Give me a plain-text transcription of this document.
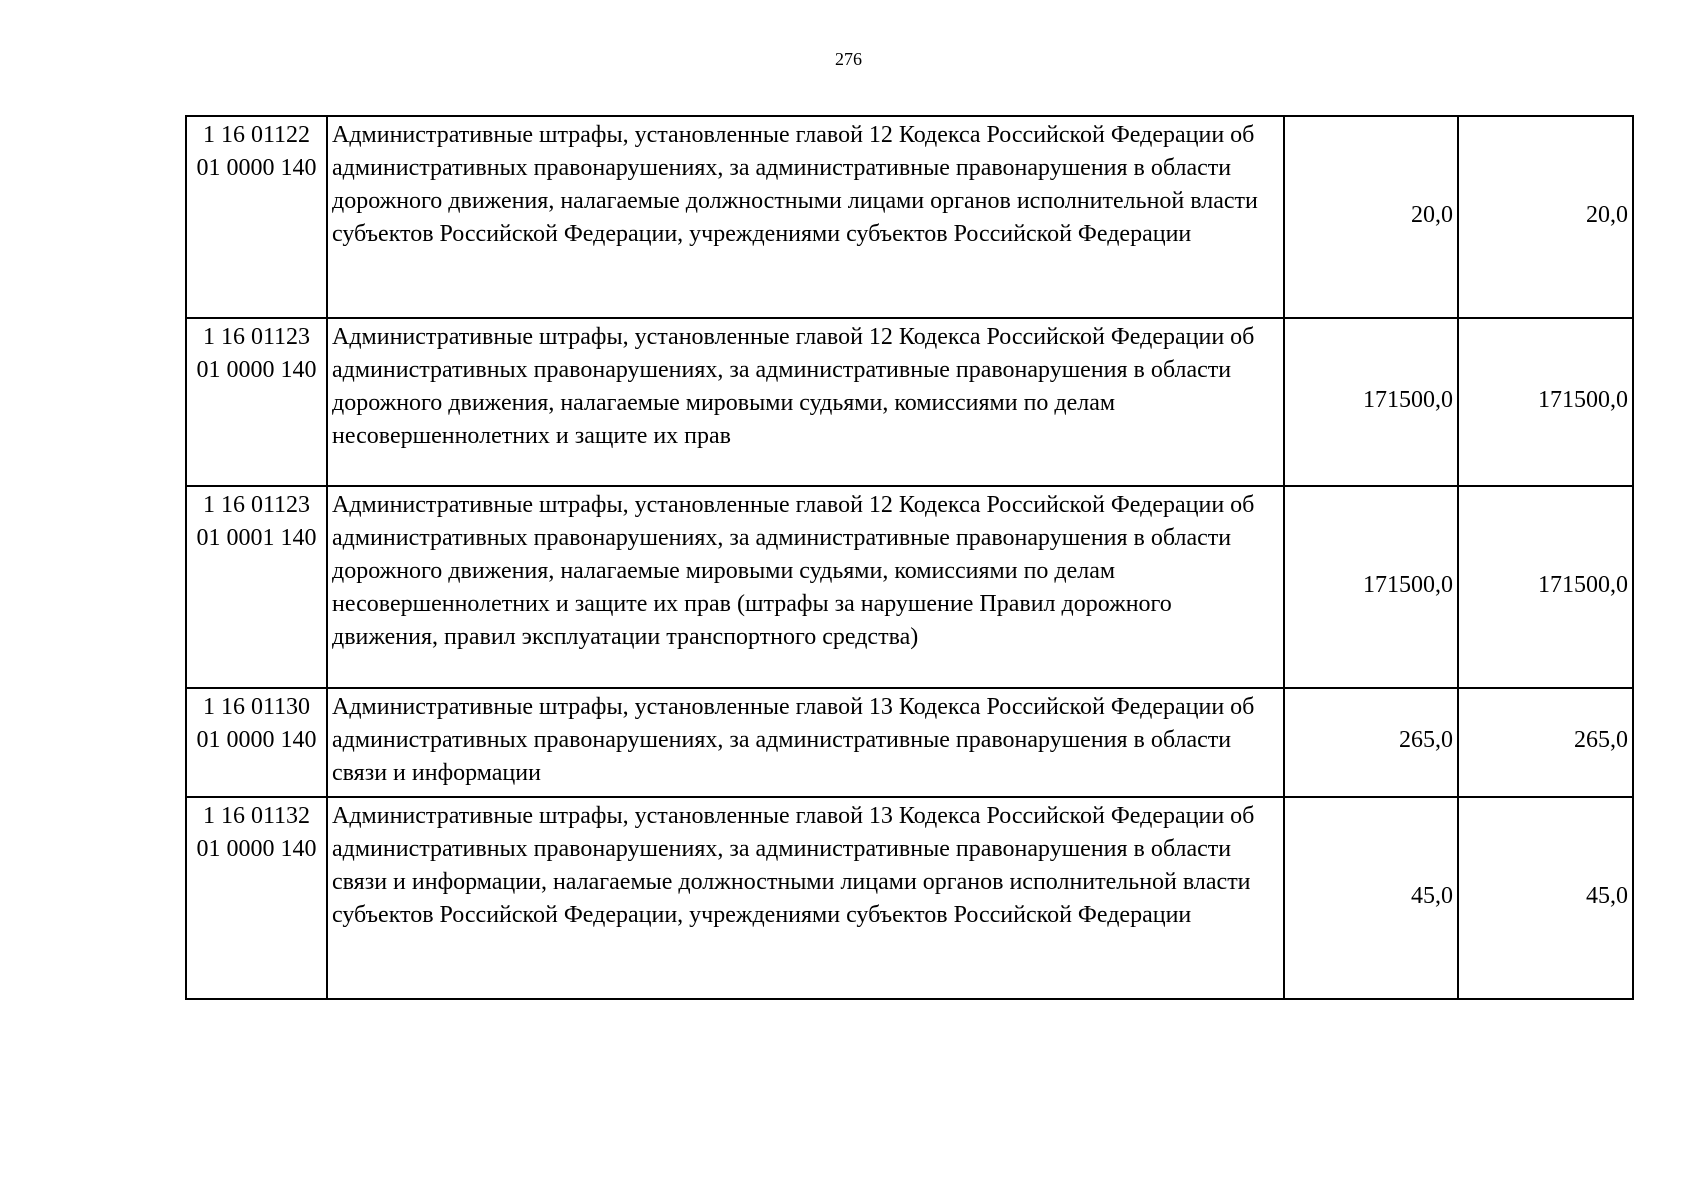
276
1 16 01122
01 0000 140	Административные штрафы, установленные главой 12 Кодекса Российской Федерации об административных правонарушениях, за административные правонарушения в области дорожного движения, налагаемые должностными лицами органов исполнительной власти субъектов Российской Федерации, учреждениями субъектов Российской Федерации	20,0	20,0

1 16 01123
01 0000 140	Административные штрафы, установленные главой 12 Кодекса Российской Федерации об административных правонарушениях, за административные правонарушения в области дорожного движения, налагаемые мировыми судьями, комиссиями по делам несовершеннолетних и защите их прав	171500,0	171500,0

1 16 01123
01 0001 140	Административные штрафы, установленные главой 12 Кодекса Российской Федерации об административных правонарушениях, за административные правонарушения в области дорожного движения, налагаемые мировыми судьями, комиссиями по делам несовершеннолетних и защите их прав (штрафы за нарушение Правил дорожного движения, правил эксплуатации транспортного средства)	171500,0	171500,0

1 16 01130
01 0000 140	Административные штрафы, установленные главой 13 Кодекса Российской Федерации об административных правонарушениях, за административные правонарушения в области связи и информации	265,0	265,0

1 16 01132
01 0000 140	Административные штрафы, установленные главой 13 Кодекса Российской Федерации об административных правонарушениях, за административные правонарушения в области связи и информации, налагаемые должностными лицами органов исполнительной власти субъектов Российской Федерации, учреждениями субъектов Российской Федерации	45,0	45,0
